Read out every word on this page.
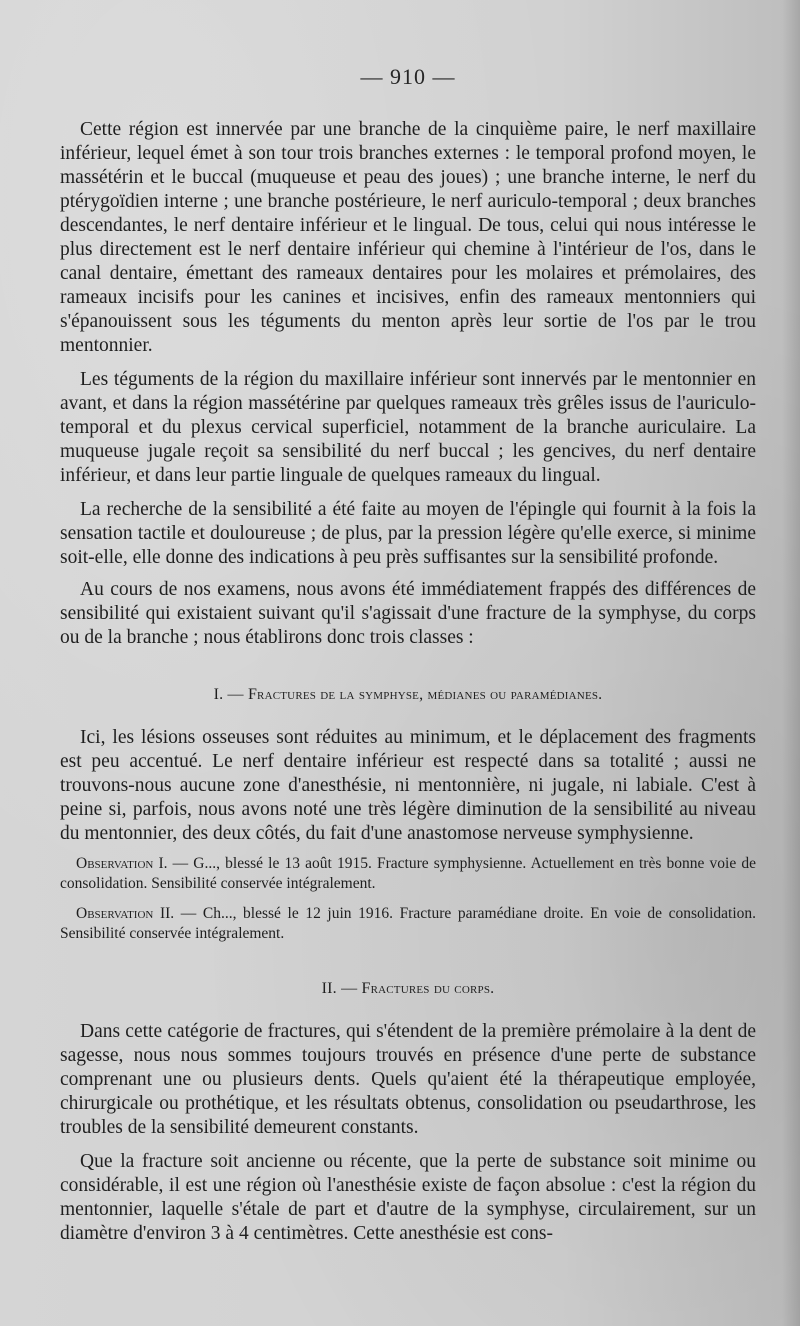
— 910 —

Cette région est innervée par une branche de la cinquième paire, le nerf maxillaire inférieur, lequel émet à son tour trois branches externes : le temporal profond moyen, le massétérin et le buccal (muqueuse et peau des joues) ; une branche interne, le nerf du ptérygoïdien interne ; une branche postérieure, le nerf auriculo-temporal ; deux branches descendantes, le nerf dentaire inférieur et le lingual. De tous, celui qui nous intéresse le plus directement est le nerf dentaire inférieur qui chemine à l'intérieur de l'os, dans le canal dentaire, émettant des rameaux dentaires pour les molaires et prémolaires, des rameaux incisifs pour les canines et incisives, enfin des rameaux mentonniers qui s'épanouissent sous les téguments du menton après leur sortie de l'os par le trou mentonnier.

Les téguments de la région du maxillaire inférieur sont innervés par le mentonnier en avant, et dans la région massétérine par quelques rameaux très grêles issus de l'auriculo-temporal et du plexus cervical superficiel, notamment de la branche auriculaire. La muqueuse jugale reçoit sa sensibilité du nerf buccal ; les gencives, du nerf dentaire inférieur, et dans leur partie linguale de quelques rameaux du lingual.

La recherche de la sensibilité a été faite au moyen de l'épingle qui fournit à la fois la sensation tactile et douloureuse ; de plus, par la pression légère qu'elle exerce, si minime soit-elle, elle donne des indications à peu près suffisantes sur la sensibilité profonde.

Au cours de nos examens, nous avons été immédiatement frappés des différences de sensibilité qui existaient suivant qu'il s'agissait d'une fracture de la symphyse, du corps ou de la branche ; nous établirons donc trois classes :

I. — Fractures de la symphyse, médianes ou paramédianes.

Ici, les lésions osseuses sont réduites au minimum, et le déplacement des fragments est peu accentué. Le nerf dentaire inférieur est respecté dans sa totalité ; aussi ne trouvons-nous aucune zone d'anesthésie, ni mentonnière, ni jugale, ni labiale. C'est à peine si, parfois, nous avons noté une très légère diminution de la sensibilité au niveau du mentonnier, des deux côtés, du fait d'une anastomose nerveuse symphysienne.

Observation I. — G..., blessé le 13 août 1915. Fracture symphysienne. Actuellement en très bonne voie de consolidation. Sensibilité conservée intégralement.

Observation II. — Ch..., blessé le 12 juin 1916. Fracture paramédiane droite. En voie de consolidation. Sensibilité conservée intégralement.

II. — Fractures du corps.

Dans cette catégorie de fractures, qui s'étendent de la première prémolaire à la dent de sagesse, nous nous sommes toujours trouvés en présence d'une perte de substance comprenant une ou plusieurs dents. Quels qu'aient été la thérapeutique employée, chirurgicale ou prothétique, et les résultats obtenus, consolidation ou pseudarthrose, les troubles de la sensibilité demeurent constants.

Que la fracture soit ancienne ou récente, que la perte de substance soit minime ou considérable, il est une région où l'anesthésie existe de façon absolue : c'est la région du mentonnier, laquelle s'étale de part et d'autre de la symphyse, circulairement, sur un diamètre d'environ 3 à 4 centimètres. Cette anesthésie est cons-
